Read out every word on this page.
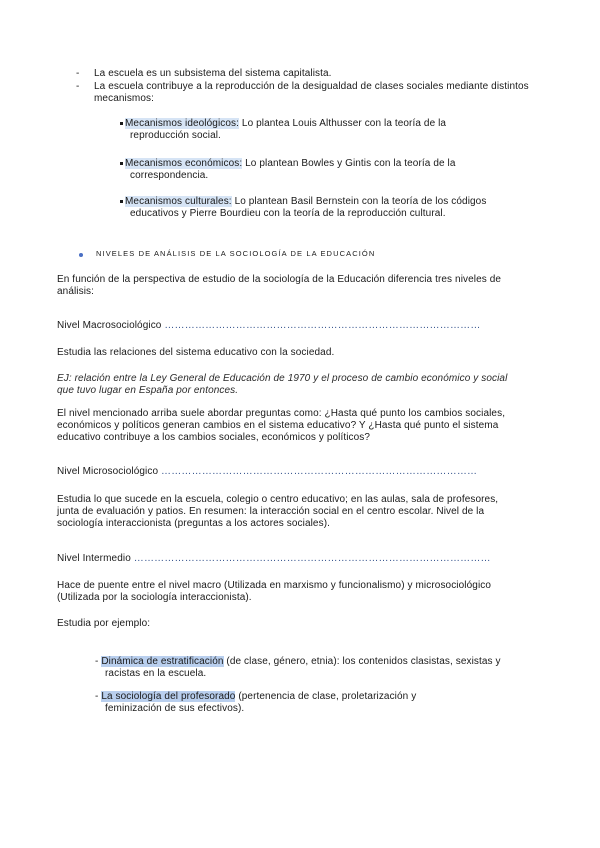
- La escuela es un subsistema del sistema capitalista.
- La escuela contribuye a la reproducción de la desigualdad de clases sociales mediante distintos
mecanismos:
Mecanismos ideológicos: Lo plantea Louis Althusser con la teoría de la
reproducción social.
Mecanismos económicos: Lo plantean Bowles y Gintis con la teoría de la
correspondencia.
Mecanismos culturales: Lo plantean Basil Bernstein con la teoría de los códigos
educativos y Pierre Bourdieu con la teoría de la reproducción cultural.
NIVELES DE ANÁLISIS DE LA SOCIOLOGÍA DE LA EDUCACIÓN
En función de la perspectiva de estudio de la sociología de la Educación diferencia tres niveles de
análisis:
Nivel Macrosociológico …………………………………………………………………………………
Estudia las relaciones del sistema educativo con la sociedad.
EJ: relación entre la Ley General de Educación de 1970 y el proceso de cambio económico y social
que tuvo lugar en España por entonces.
El nivel mencionado arriba suele abordar preguntas como: ¿Hasta qué punto los cambios sociales,
económicos y políticos generan cambios en el sistema educativo? Y ¿Hasta qué punto el sistema
educativo contribuye a los cambios sociales, económicos y políticos?
Nivel Microsociológico …………………………………………………………………………………
Estudia lo que sucede en la escuela, colegio o centro educativo; en las aulas, sala de profesores,
junta de evaluación y patios. En resumen: la interacción social en el centro escolar. Nivel de la
sociología interaccionista (preguntas a los actores sociales).
Nivel Intermedio ……………………………………………………………………………………………
Hace de puente entre el nivel macro (Utilizada en marxismo y funcionalismo) y microsociológico
(Utilizada por la sociología interaccionista).
Estudia por ejemplo:
- Dinámica de estratificación (de clase, género, etnia): los contenidos clasistas, sexistas y
racistas en la escuela.
- La sociología del profesorado (pertenencia de clase, proletarización y
feminización de sus efectivos).
